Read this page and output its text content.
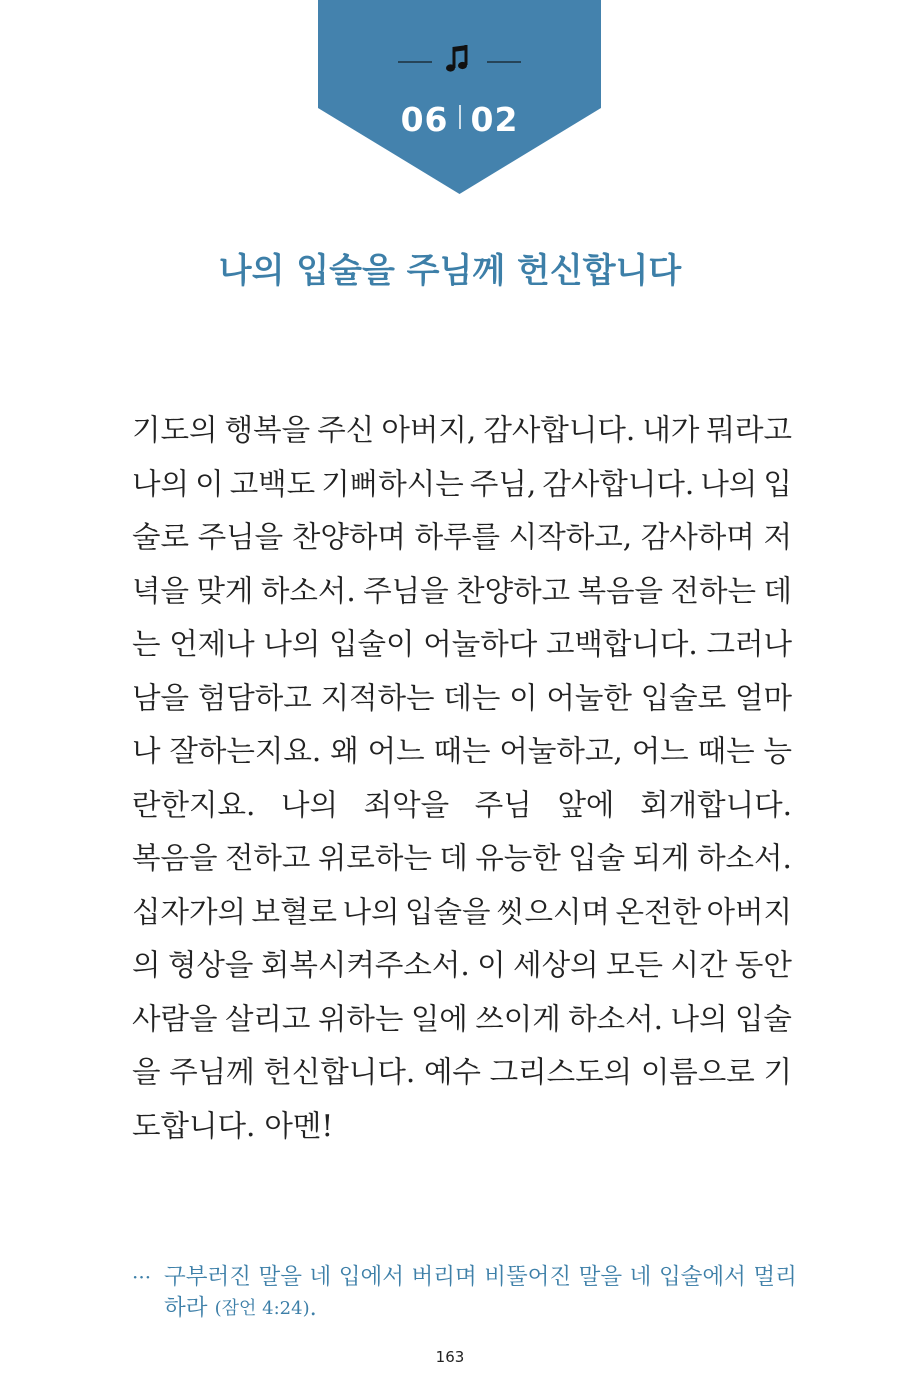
06 02
나의 입술을 주님께 헌신합니다
기도의 행복을 주신 아버지, 감사합니다. 내가 뭐라고
나의 이 고백도 기뻐하시는 주님, 감사합니다. 나의 입
술로 주님을 찬양하며 하루를 시작하고, 감사하며 저
녁을 맞게 하소서. 주님을 찬양하고 복음을 전하는 데
는 언제나 나의 입술이 어눌하다 고백합니다. 그러나
남을 험담하고 지적하는 데는 이 어눌한 입술로 얼마
나 잘하는지요. 왜 어느 때는 어눌하고, 어느 때는 능
란한지요. 나의 죄악을 주님 앞에 회개합니다.
복음을 전하고 위로하는 데 유능한 입술 되게 하소서.
십자가의 보혈로 나의 입술을 씻으시며 온전한 아버지
의 형상을 회복시켜주소서. 이 세상의 모든 시간 동안
사람을 살리고 위하는 일에 쓰이게 하소서. 나의 입술
을 주님께 헌신합니다. 예수 그리스도의 이름으로 기
도합니다. 아멘!
··· 구부러진 말을 네 입에서 버리며 비뚤어진 말을 네 입술에서 멀리
하라
(잠언 4:24) .
163
